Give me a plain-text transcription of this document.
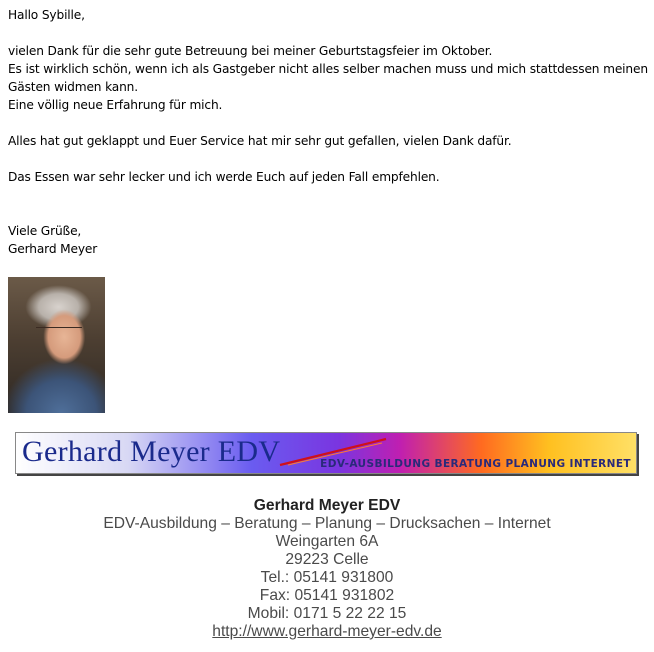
Hallo Sybille,

vielen Dank für die sehr gute Betreuung bei meiner Geburtstagsfeier im Oktober.

Es ist wirklich schön, wenn ich als Gastgeber nicht alles selber machen muss und mich stattdessen meinen

Gästen widmen kann.

Eine völlig neue Erfahrung für mich.

Alles hat gut geklappt und Euer Service hat mir sehr gut gefallen, vielen Dank dafür.

Das Essen war sehr lecker und ich werde Euch auf jeden Fall empfehlen.

Viele Grüße,

Gerhard Meyer

Gerhard Meyer EDV	EDV-AUSBILDUNG BERATUNG PLANUNG INTERNET
Gerhard Meyer EDV
EDV-Ausbildung – Beratung – Planung – Drucksachen – Internet
Weingarten 6A
29223 Celle
Tel.: 05141 931800
Fax: 05141 931802
Mobil: 0171 5 22 22 15
http://www.gerhard-meyer-edv.de
